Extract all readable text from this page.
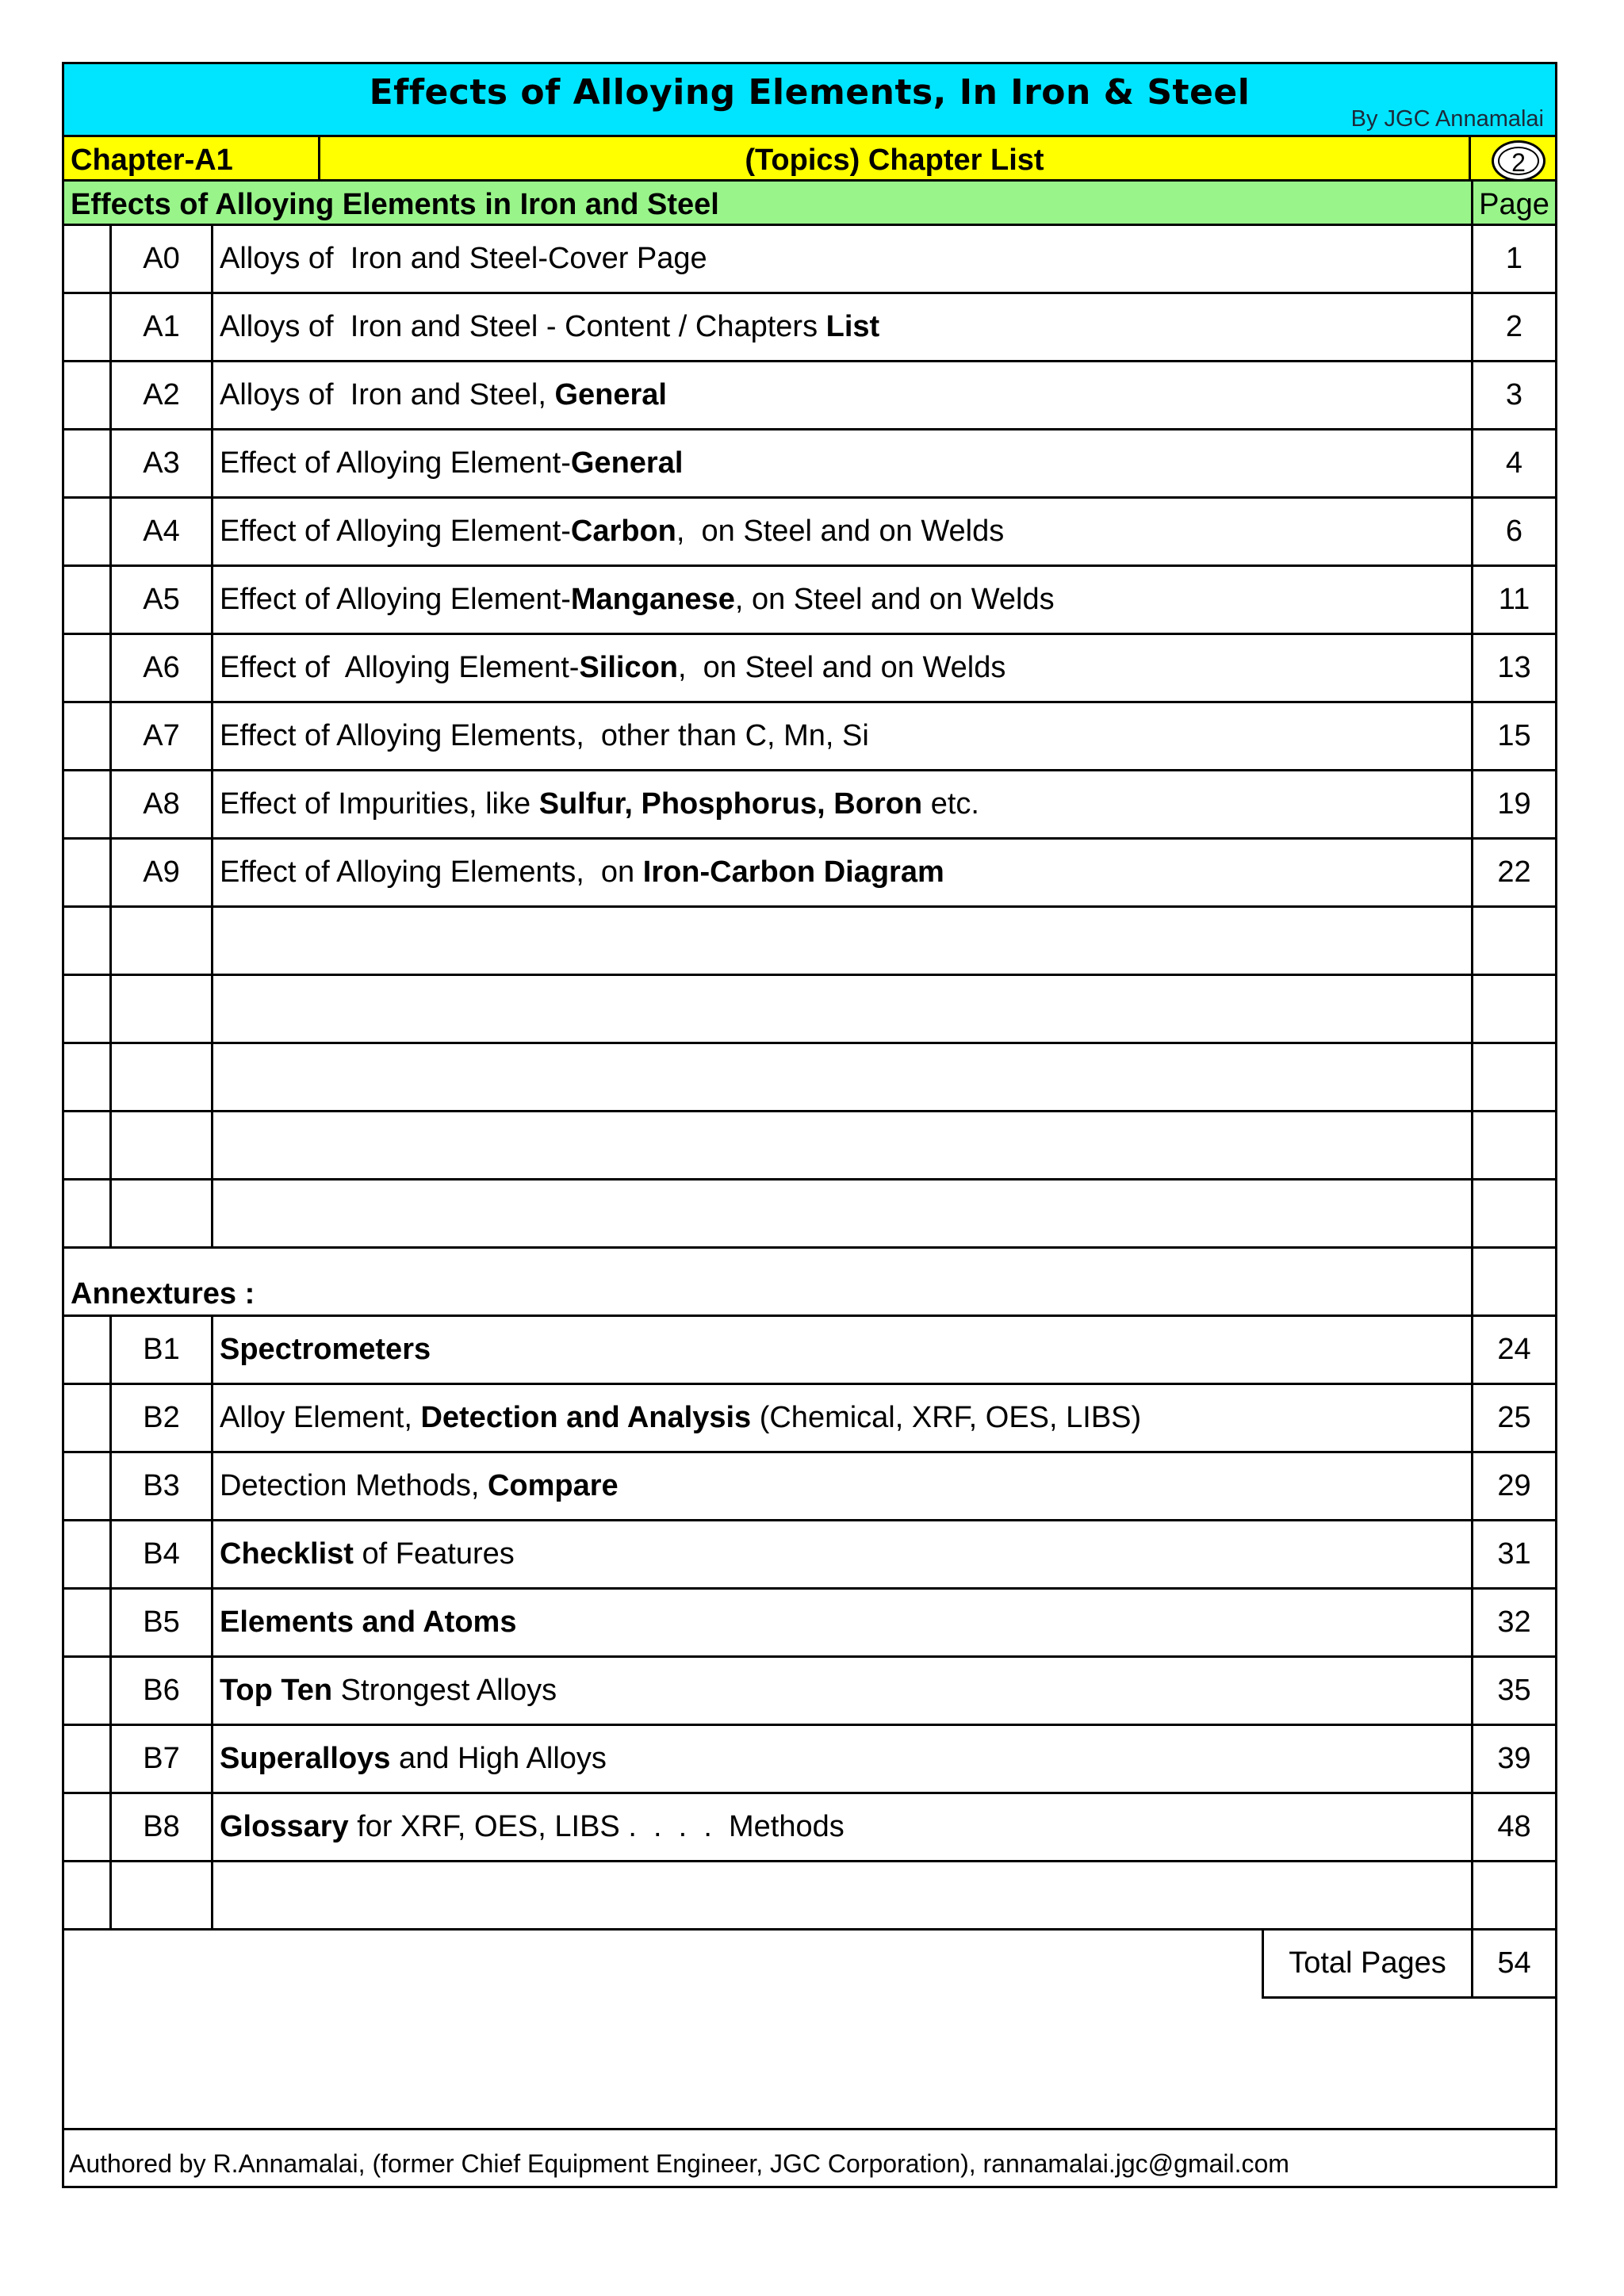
Effects of Alloying Elements, In Iron & Steel
By JGC Annamalai
Chapter-A1	(Topics) Chapter List	2
Effects of Alloying Elements in Iron and Steel	Page
A0	Alloys of  Iron and Steel-Cover Page	1
A1	Alloys of  Iron and Steel - Content / Chapters List	2
A2	Alloys of  Iron and Steel, General	3
A3	Effect of Alloying Element-General	4
A4	Effect of Alloying Element-Carbon,  on Steel and on Welds	6
A5	Effect of Alloying Element-Manganese, on Steel and on Welds	11
A6	Effect of  Alloying Element-Silicon,  on Steel and on Welds	13
A7	Effect of Alloying Elements,  other than C, Mn, Si	15
A8	Effect of Impurities, like Sulfur, Phosphorus, Boron etc.	19
A9	Effect of Alloying Elements,  on Iron-Carbon Diagram	22
Annextures :
B1	Spectrometers	24
B2	Alloy Element, Detection and Analysis (Chemical, XRF, OES, LIBS)	25
B3	Detection Methods, Compare	29
B4	Checklist of Features	31
B5	Elements and Atoms	32
B6	Top Ten Strongest Alloys	35
B7	Superalloys and High Alloys	39
B8	Glossary for XRF, OES, LIBS .  .  .  .  Methods	48
Total Pages	54
Authored by R.Annamalai, (former Chief Equipment Engineer, JGC Corporation), rannamalai.jgc@gmail.com
